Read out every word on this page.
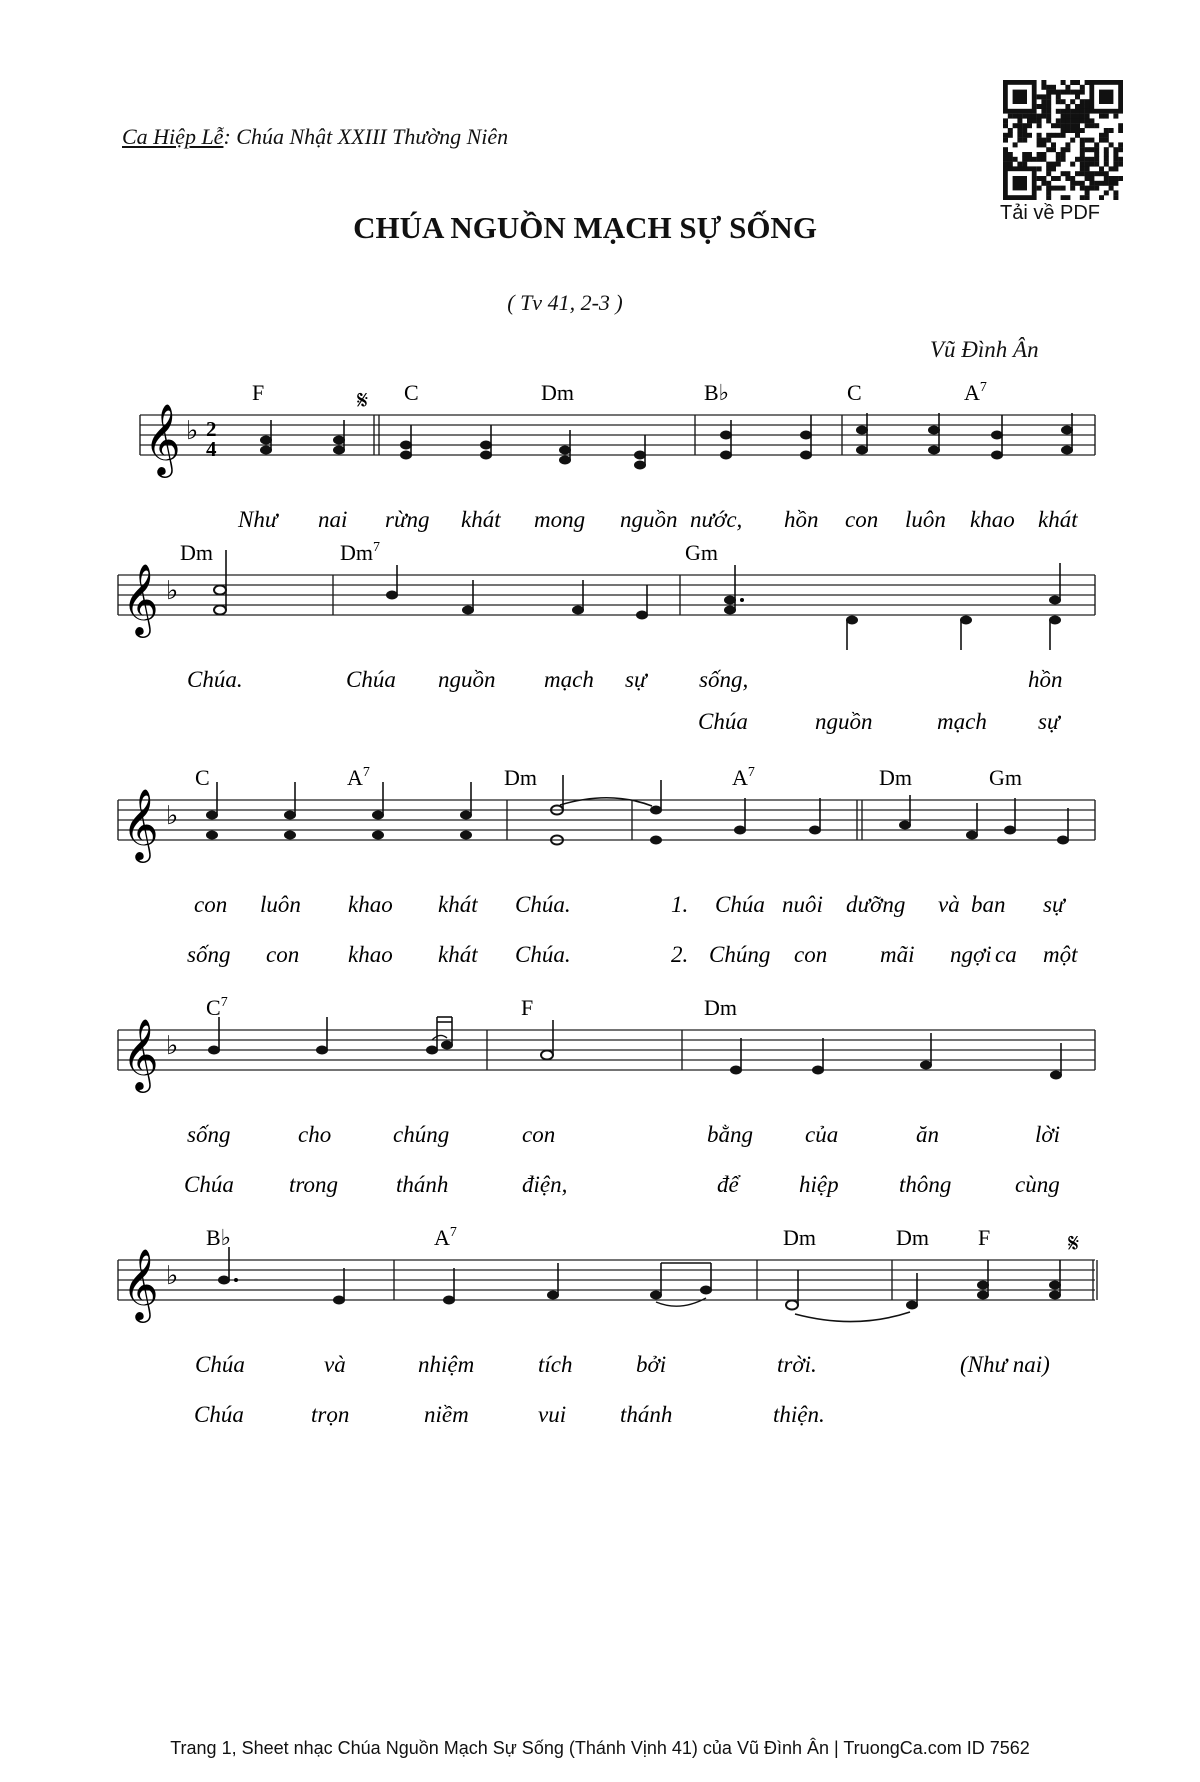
Ca Hiệp Lễ: Chúa Nhật XXIII Thường Niên
CHÚA NGUỒN MẠCH SỰ SỐNG
( Tv 41, 2-3 )
Vũ Đình Ân
Tải về PDF
𝄞 ♭ 2
4
𝄋
F	C	Dm	B♭	C	$A^7$
Như nai rừng khát mong nguồn nước, hồn con luôn khao khát
𝄞 ♭
Dm	Dm$^7$	Gm
Chúa.	Chúa nguồn mạch sự sống,	hồn
Chúa	nguồn	mạch sự
𝄞 ♭
C	$A^7$	Dm	$A^7$	Dm	Gm
con luôn khao khát Chúa.	1. Chúa nuôi dưỡng và ban sự
sống con khao khát Chúa.	2. Chúng con mãi ngợi ca một
𝄞 ♭
$C^7$	F	Dm
sống	cho	chúng	con	bằng của	ăn	lời
Chúa trong	thánh	điện,	để	hiệp	thông	cùng
𝄞 ♭
𝄋
B♭	$A^7$	Dm	Dm F
Chúa	và	nhiệm	tích	bởi	trời.	(Như nai)
Chúa	trọn	niềm	vui thánh	thiện.
Trang 1, Sheet nhạc Chúa Nguồn Mạch Sự Sống (Thánh Vịnh 41) của Vũ Đình Ân | TruongCa.com ID 7562
